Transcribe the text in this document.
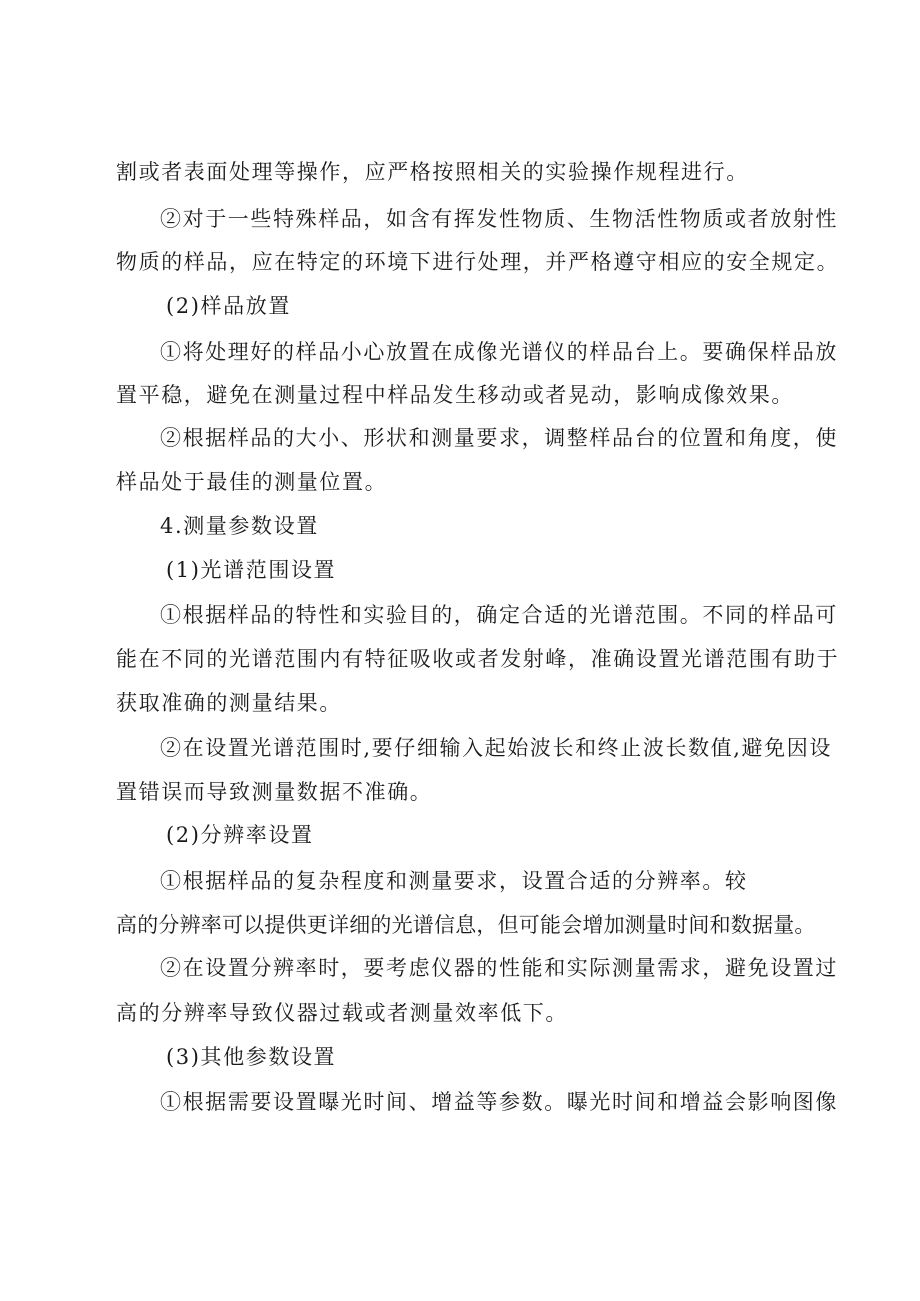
割或者表面处理等操作，应严格按照相关的实验操作规程进行。
②对于一些特殊样品，如含有挥发性物质、生物活性物质或者放射性
物质的样品，应在特定的环境下进行处理，并严格遵守相应的安全规定。
(2)样品放置
①将处理好的样品小心放置在成像光谱仪的样品台上。要确保样品放
置平稳，避免在测量过程中样品发生移动或者晃动，影响成像效果。
②根据样品的大小、形状和测量要求，调整样品台的位置和角度，使
样品处于最佳的测量位置。
4.测量参数设置
(1)光谱范围设置
①根据样品的特性和实验目的，确定合适的光谱范围。不同的样品可
能在不同的光谱范围内有特征吸收或者发射峰，准确设置光谱范围有助于
获取准确的测量结果。
②在设置光谱范围时,要仔细输入起始波长和终止波长数值,避免因设
置错误而导致测量数据不准确。
(2)分辨率设置
①根据样品的复杂程度和测量要求，设置合适的分辨率。较
高的分辨率可以提供更详细的光谱信息，但可能会增加测量时间和数据量。
②在设置分辨率时，要考虑仪器的性能和实际测量需求，避免设置过
高的分辨率导致仪器过载或者测量效率低下。
(3)其他参数设置
①根据需要设置曝光时间、增益等参数。曝光时间和增益会影响图像
